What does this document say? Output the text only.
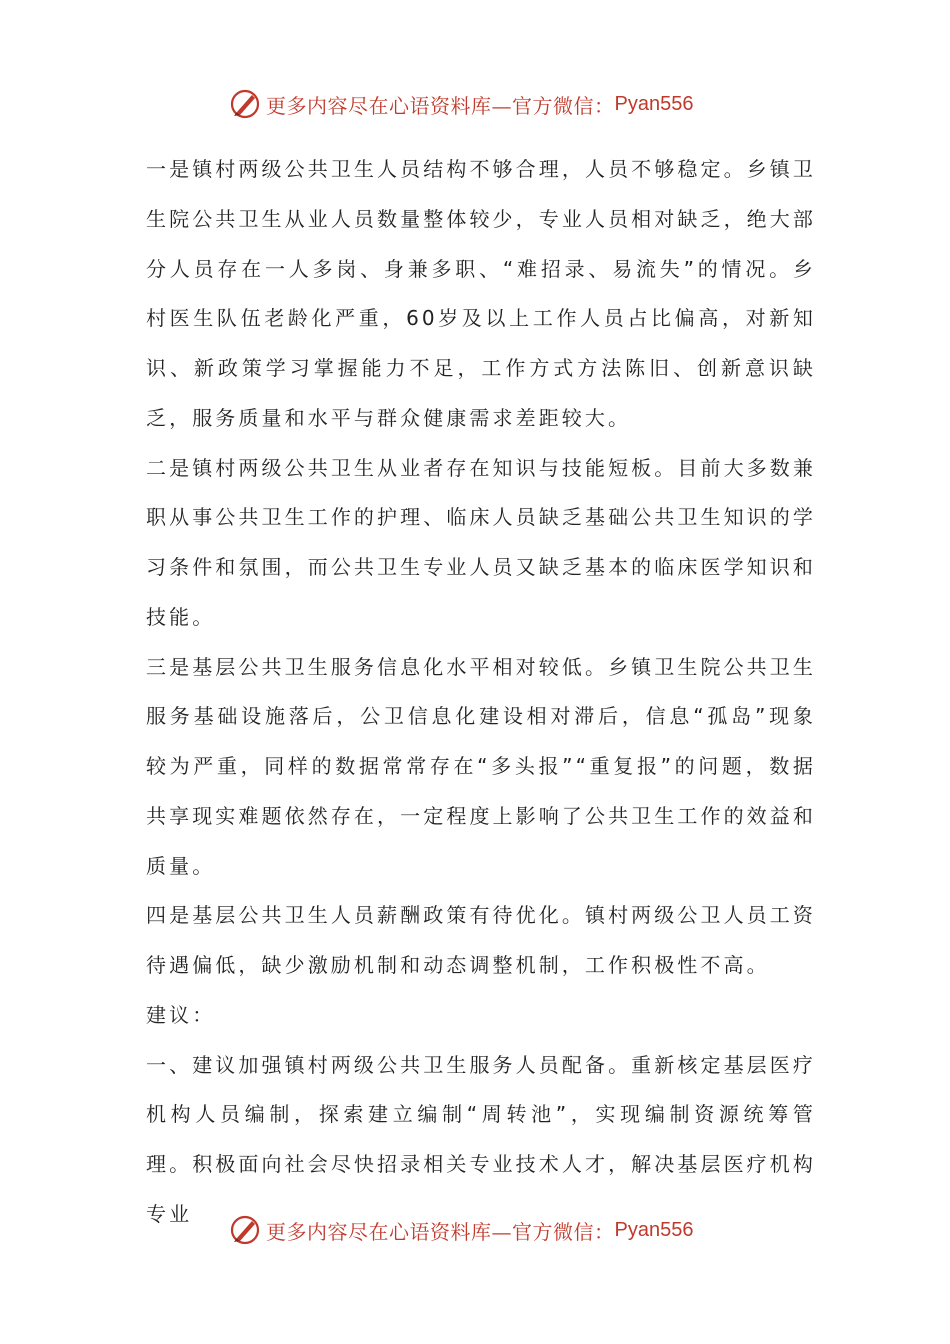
更多内容尽在心语资料库—官方微信： Pyan556

一是镇村两级公共卫生人员结构不够合理，人员不够稳定。乡镇卫生院公共卫生从业人员数量整体较少，专业人员相对缺乏，绝大部分人员存在一人多岗、身兼多职、“难招录、易流失”的情况。乡村医生队伍老龄化严重，60岁及以上工作人员占比偏高，对新知识、新政策学习掌握能力不足，工作方式方法陈旧、创新意识缺乏，服务质量和水平与群众健康需求差距较大。

二是镇村两级公共卫生从业者存在知识与技能短板。目前大多数兼职从事公共卫生工作的护理、临床人员缺乏基础公共卫生知识的学习条件和氛围，而公共卫生专业人员又缺乏基本的临床医学知识和技能。

三是基层公共卫生服务信息化水平相对较低。乡镇卫生院公共卫生服务基础设施落后，公卫信息化建设相对滞后，信息“孤岛”现象较为严重，同样的数据常常存在“多头报”“重复报”的问题，数据共享现实难题依然存在，一定程度上影响了公共卫生工作的效益和质量。

四是基层公共卫生人员薪酬政策有待优化。镇村两级公卫人员工资待遇偏低，缺少激励机制和动态调整机制，工作积极性不高。

建议：

一、建议加强镇村两级公共卫生服务人员配备。重新核定基层医疗机构人员编制，探索建立编制“周转池”，实现编制资源统筹管理。积极面向社会尽快招录相关专业技术人才，解决基层医疗机构专业

更多内容尽在心语资料库—官方微信： Pyan556
